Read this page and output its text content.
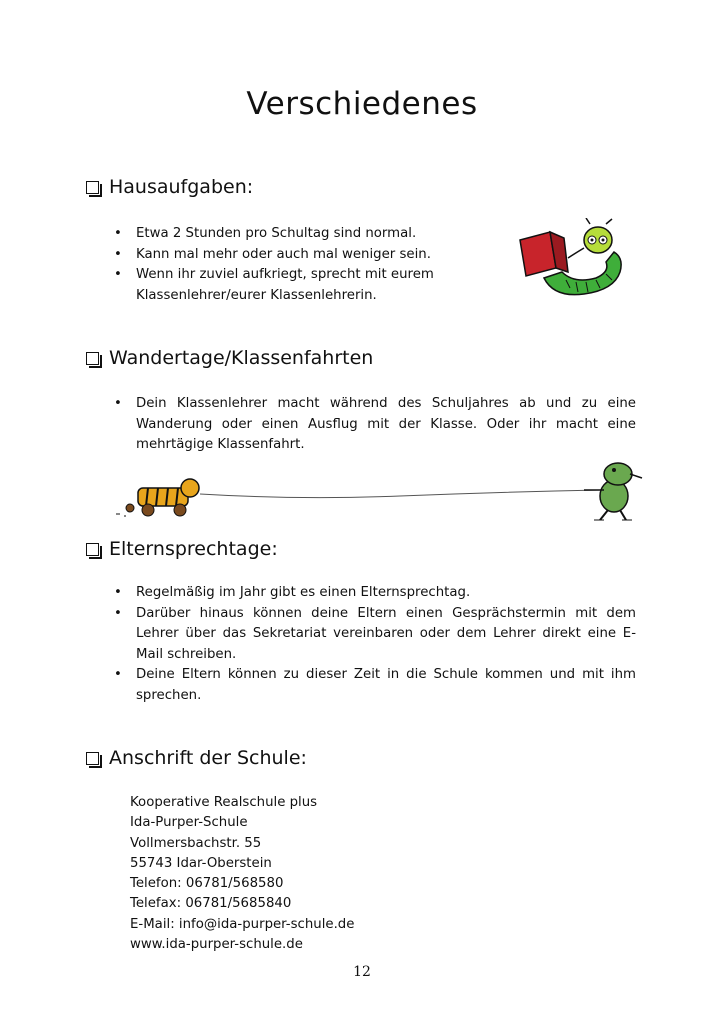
Verschiedenes
Hausaufgaben:
• Etwa 2 Stunden pro Schultag sind normal.
• Kann mal mehr oder auch mal weniger sein.
• Wenn ihr zuviel aufkriegt, sprecht mit eurem Klassenlehrer/eurer Klassenlehrerin.
Wandertage/Klassenfahrten
• Dein Klassenlehrer macht während des Schuljahres ab und zu eine Wanderung oder einen Ausflug mit der Klasse. Oder ihr macht eine mehrtägige Klassenfahrt.
Elternsprechtage:
• Regelmäßig im Jahr gibt es einen Elternsprechtag.
• Darüber hinaus können deine Eltern einen Gesprächstermin mit dem Lehrer über das Sekretariat vereinbaren oder dem Lehrer direkt eine E-Mail schreiben.
• Deine Eltern können zu dieser Zeit in die Schule kommen und mit ihm sprechen.
Anschrift der Schule:
Kooperative Realschule plus
Ida-Purper-Schule
Vollmersbachstr. 55
55743 Idar-Oberstein
Telefon: 06781/568580
Telefax: 06781/5685840
E-Mail: info@ida-purper-schule.de
www.ida-purper-schule.de
12
